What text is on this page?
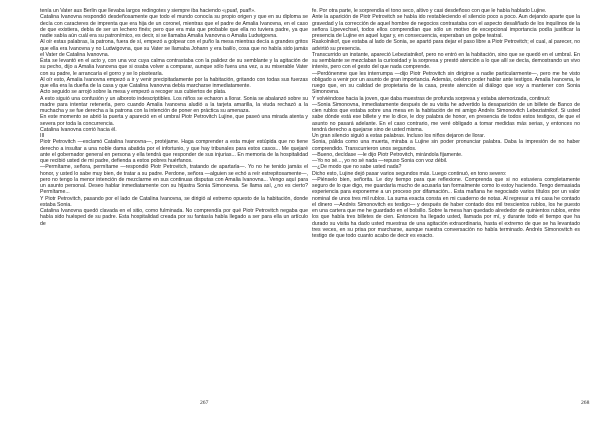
tenía un Vater aus Berlin que llevaba largos redingotes y siempre iba haciendo «¡puaf, puaf!».

Catalina Ivanovna respondió desdeñosamente que todo el mundo conocía su propio origen y que en su diploma se decía con caracteres de imprenta que era hija de un coronel, mientras que el padre de Amalia Ivanovna, en el caso de que existiera, debía de ser un lechero finés; pero que era más que probable que ella no tuviera padre, ya que nadie sabía aún cuál era su patronímico, es decir, si se llamaba Amalia Ivanovna o Amalia Ludwigovna.

Al oír estas palabras, la patrona, fuera de sí, empezó a golpear con el puño la mesa mientras decía a grandes gritos que ella era Ivanovna y no Ludwigovna, que su Vater se llamaba Johann y era bailío, cosa que no había sido jamás el Vater de Catalina Ivanovna.

Ésta se levantó en el acto y, con una voz cuya calma contrastaba con la palidez de su semblante y la agitación de su pecho, dijo a Amalia Ivanovna que si osaba volver a comparar, aunque sólo fuera una vez, a su miserable Vater con su padre, le arrancaría el gorro y se lo pisotearía.

Al oír esto, Amalia Ivanovna empezó a ir y venir precipitadamente por la habitación, gritando con todas sus fuerzas que ella era la dueña de la casa y que Catalina Ivanovna debía marcharse inmediatamente.

Acto seguido se arrojó sobre la mesa y empezó a recoger sus cubiertos de plata.

A esto siguió una confusión y un alboroto indescriptibles. Los niños se echaron a llorar. Sonia se abalanzó sobre su madre para intentar retenerla, pero cuando Amalia Ivanovna aludió a la tarjeta amarilla, la viuda rechazó a la muchacha y se fue derecha a la patrona con la intención de poner en práctica su amenaza.

En este momento se abrió la puerta y apareció en el umbral Piotr Petrovitch Lujine, que paseó una mirada atenta y severa por toda la concurrencia.

Catalina Ivanovna corrió hacia él.

III

Piotr Petrovitch —exclamó Catalina Ivanovna—, protéjame. Haga comprender a esta mujer estúpida que no tiene derecho a insultar a una noble dama abatida por el infortunio, y que hay tribunales para estos casos... Me quejaré ante el gobernador general en persona y ella tendrá que responder de sus injurias... En memoria de la hospitalidad que recibió usted de mi padre, defienda a estos pobres huérfanos.

—Permítame, señora, permítame —respondió Piotr Petrovitch, tratando de apartarla—. Yo no he tenido jamás el honor, y usted lo sabe muy bien, de tratar a su padre. Perdone, señora —alguien se echó a reír estrepitosamente—, pero no tengo la menor intención de mezclarme en sus continuas disputas con Amalia Ivanovna... Vengo aquí para un asunto personal. Deseo hablar inmediatamente con su hijastra Sonia Simonovna. Se llama así, ¿no es cierto? Permítame...

Y Piotr Petrovitch, pasando por el lado de Catalina Ivanovna, se dirigió al extremo opuesto de la habitación, donde estaba Sonia.

Catalina Ivanovna quedó clavada en el sitio, como fulminada. No comprendía por qué Piotr Petrovitch negaba que había sido huésped de su padre. Esta hospitalidad creada por su fantasía había llegado a ser para ella un artículo de

267

fe. Por otra parte, le sorprendía el tono seco, altivo y casi desdeñoso con que le había hablado Lujine.

Ante la aparición de Piotr Petrovitch se había ido restableciendo el silencio poco a poco. Aun dejando aparte que la gravedad y la corrección de aquel hombre de negocios contrastaba con el aspecto desaliñado de los inquilinos de la señora Lipevechsel, todos ellos comprendían que sólo un motivo de excepcional importancia podía justificar la presencia de Lujine en aquel lugar y, en consecuencia, esperaban un golpe teatral.

Raskolnikof, que estaba al lado de Sonia, se apartó para dejar el paso libre a Piotr Petrovitch; el cual, al parecer, no advirtió su presencia.

Transcurrido un instante, apareció Lebeziatnikof, pero no entró en la habitación, sino que se quedó en el umbral. En su semblante se mezclaban la curiosidad y la sorpresa y prestó atención a lo que allí se decía, demostrando un vivo interés, pero con el gesto del que nada comprende.

—Perdónenme que les interrumpa —dijo Piotr Petrovitch sin dirigirse a nadie particularmente—, pero me he visto obligado a venir por un asunto de gran importancia. Además, celebro poder hablar ante testigos. Amalia Ivanovna, le ruego que, en su calidad de propietaria de la casa, preste atención al diálogo que voy a mantener con Sonia Simonovna.

Y volviéndose hacia la joven, que daba muestras de profunda sorpresa y estaba atemorizada, continuó:

—Sonia Simonovna, inmediatamente después de su visita he advertido la desaparición de un billete de Banco de cien rublos que estaba sobre una mesa en la habitación de mi amigo Andrés Simonovitch Lebeziatnikof. Si usted sabe dónde está ese billete y me lo dice, le doy palabra de honor, en presencia de todos estos testigos, de que el asunto no pasará adelante. En el caso contrario, me veré obligado a tomar medidas más serias, y entonces no tendrá derecho a quejarse sino de usted misma.

Un gran silencio siguió a estas palabras. Incluso los niños dejaron de llorar.

Sonia, pálida como una muerta, miraba a Lujine sin poder pronunciar palabra. Daba la impresión de no haber comprendido. Transcurrieron unos segundos.

—Bueno, decídase —le dijo Piotr Petrovitch, mirándola fijamente.

—Yo no sé..., yo no sé nada —repuso Sonia con voz débil.

—¿De modo que no sabe usted nada?

Dicho esto, Lujine dejó pasar varios segundos más. Luego continuó, en tono severo:

—Piénselo bien, señorita. Le doy tiempo para que reflexione. Comprenda que si no estuviera completamente seguro de lo que digo, me guardaría mucho de acusarla tan formalmente como lo estoy haciendo. Tengo demasiada experiencia para exponerme a un proceso por difamación... Esta mañana he negociado varios títulos por un valor nominal de unos tres mil rublos. La suma exacta consta en mi cuaderno de notas. Al regresar a mi casa he contado el dinero —Andrés Simonovitch es testigo— y después de haber contado dos mil trescientos rublos, los he puesto en una cartera que me he guardado en el bolsillo. Sobre la mesa han quedado alrededor de quinientos rublos, entre los que había tres billetes de cien. Entonces ha llegado usted, llamada por mí, y durante todo el tiempo que ha durado su visita ha dado usted muestras de una agitación extraordinaria, hasta el extremo de que se ha levantado tres veces, en su prisa por marcharse, aunque nuestra conversación no había terminado. Andrés Simonovitch es testigo de que todo cuanto acabo de decir es exacto.

268
